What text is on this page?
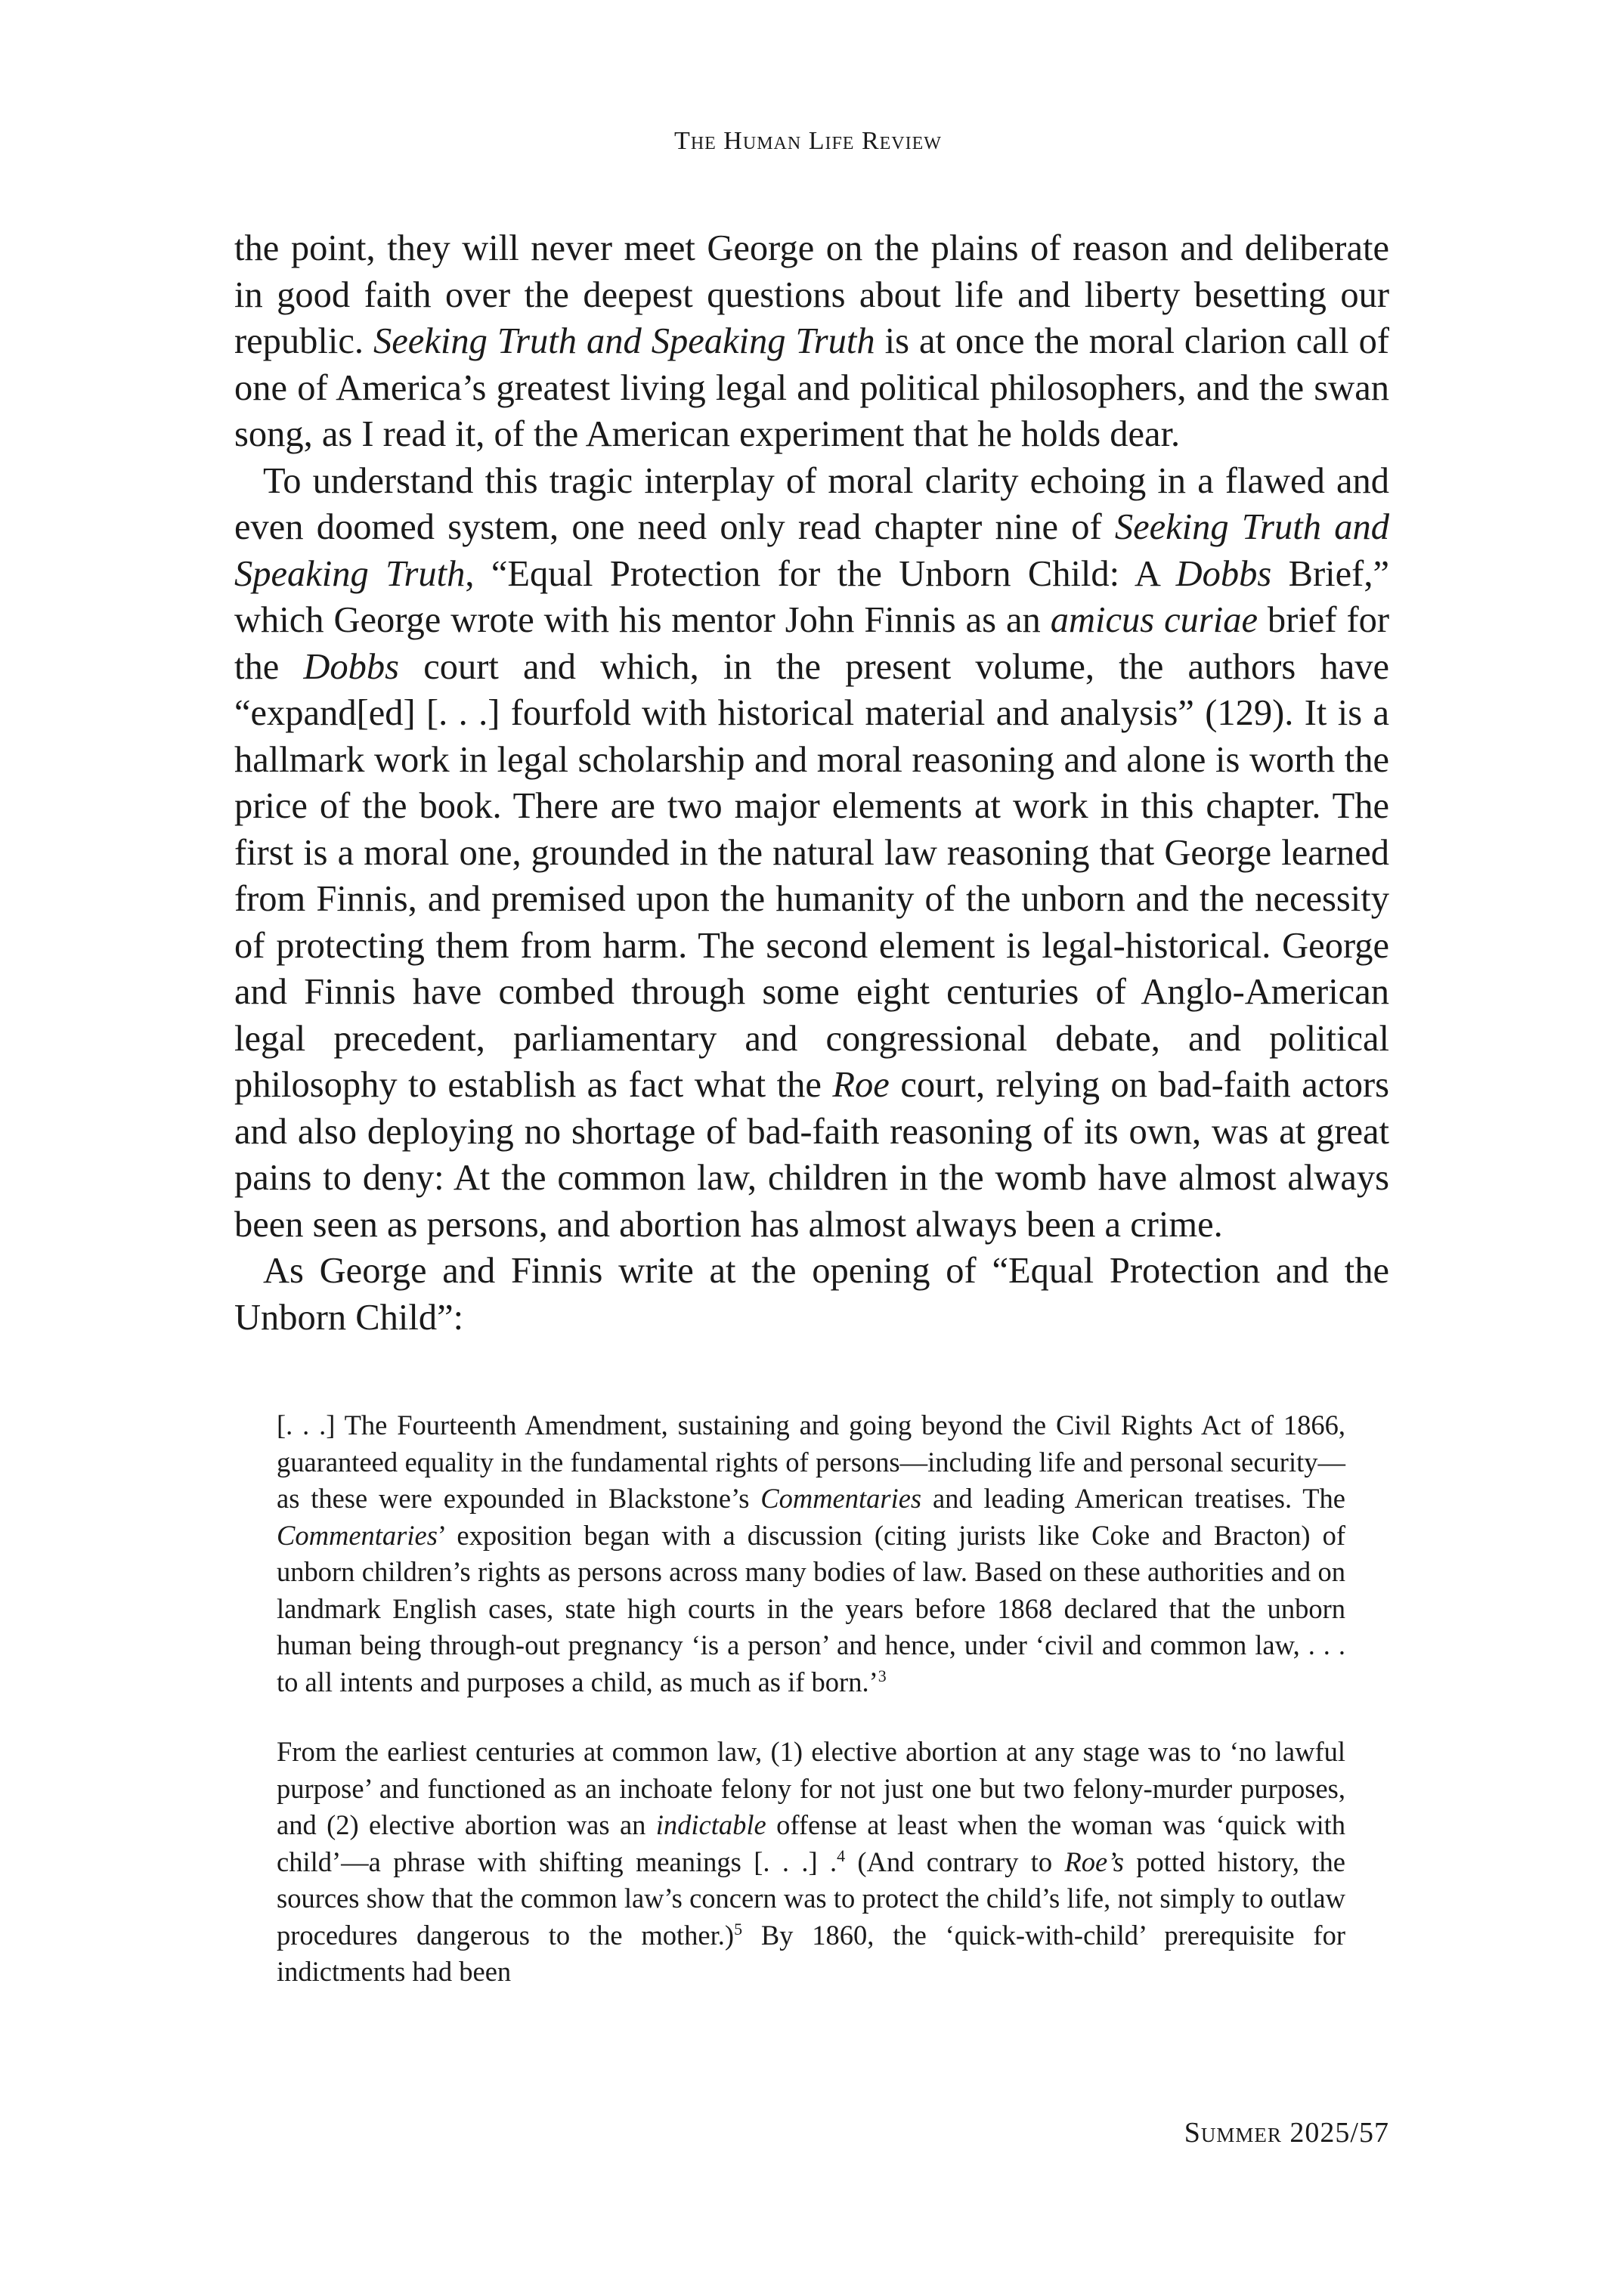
The Human Life Review

the point, they will never meet George on the plains of reason and deliberate in good faith over the deepest questions about life and liberty besetting our republic. Seeking Truth and Speaking Truth is at once the moral clarion call of one of America’s greatest living legal and political philosophers, and the swan song, as I read it, of the American experiment that he holds dear.

To understand this tragic interplay of moral clarity echoing in a flawed and even doomed system, one need only read chapter nine of Seeking Truth and Speaking Truth, “Equal Protection for the Unborn Child: A Dobbs Brief,” which George wrote with his mentor John Finnis as an amicus curiae brief for the Dobbs court and which, in the present volume, the authors have “expand[ed] [. . .] fourfold with historical material and analysis” (129). It is a hallmark work in legal scholarship and moral reasoning and alone is worth the price of the book. There are two major elements at work in this chapter. The first is a moral one, grounded in the natural law reasoning that George learned from Finnis, and premised upon the humanity of the unborn and the necessity of protecting them from harm. The second element is legal-historical. George and Finnis have combed through some eight centuries of Anglo-American legal precedent, parliamentary and congressional debate, and political philosophy to establish as fact what the Roe court, relying on bad-faith actors and also deploying no shortage of bad-faith reasoning of its own, was at great pains to deny: At the common law, children in the womb have almost always been seen as persons, and abortion has almost always been a crime.

As George and Finnis write at the opening of “Equal Protection and the Unborn Child”:

[. . .] The Fourteenth Amendment, sustaining and going beyond the Civil Rights Act of 1866, guaranteed equality in the fundamental rights of persons—including life and personal security—as these were expounded in Blackstone’s Commentaries and leading American treatises. The Commentaries’ exposition began with a discussion (citing jurists like Coke and Bracton) of unborn children’s rights as persons across many bodies of law. Based on these authorities and on landmark English cases, state high courts in the years before 1868 declared that the unborn human being through-out pregnancy ‘is a person’ and hence, under ‘civil and common law, . . . to all intents and purposes a child, as much as if born.’$^3$

From the earliest centuries at common law, (1) elective abortion at any stage was to ‘no lawful purpose’ and functioned as an inchoate felony for not just one but two felony-murder purposes, and (2) elective abortion was an indictable offense at least when the woman was ‘quick with child’—a phrase with shifting meanings [. . .] .$^4$ (And contrary to Roe’s potted history, the sources show that the common law’s concern was to protect the child’s life, not simply to outlaw procedures dangerous to the mother.)$^5$ By 1860, the ‘quick-with-child’ prerequisite for indictments had been

Summer 2025/57
